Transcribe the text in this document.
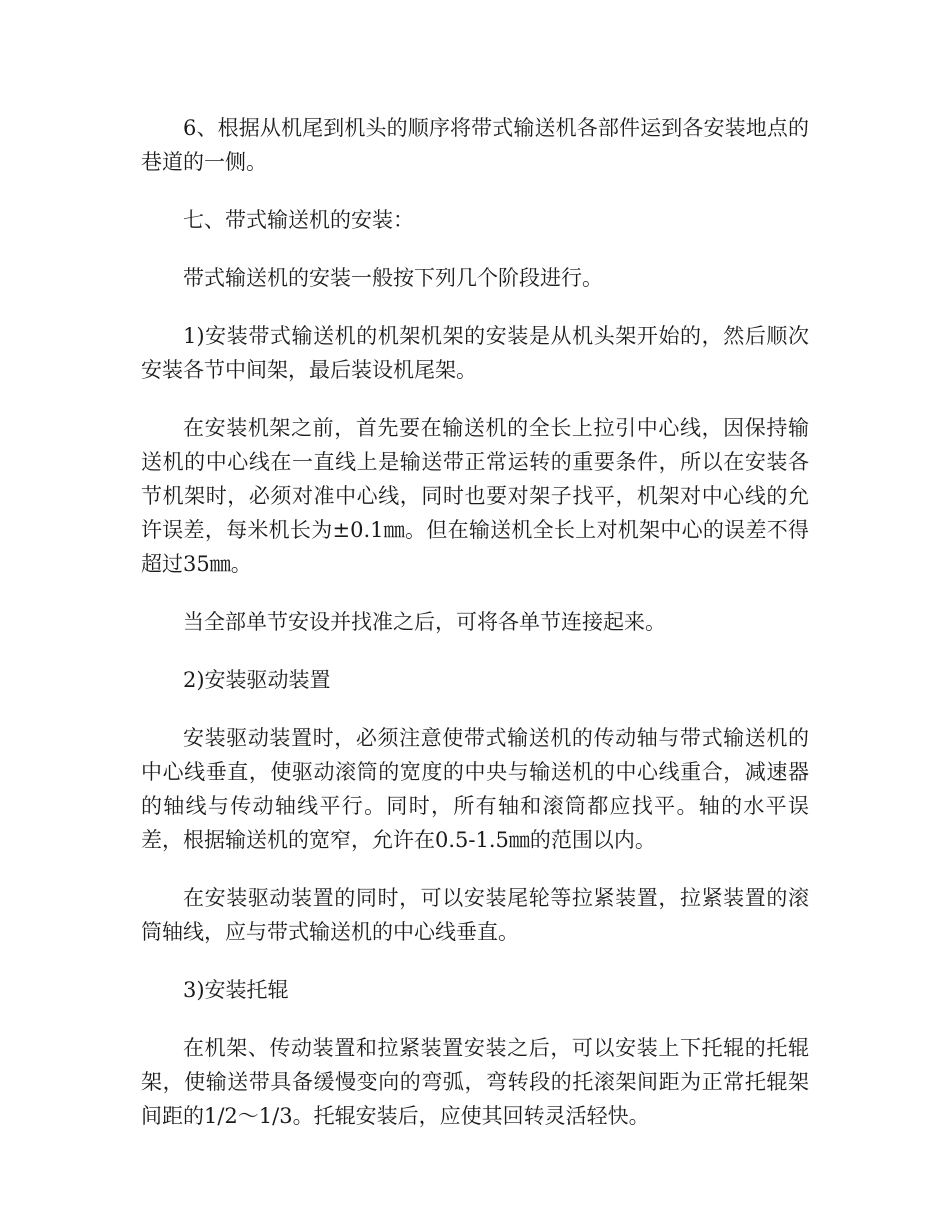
6、根据从机尾到机头的顺序将带式输送机各部件运到各安装地点的巷道的一侧。

七、带式输送机的安装：

带式输送机的安装一般按下列几个阶段进行。

1)安装带式输送机的机架机架的安装是从机头架开始的，然后顺次安装各节中间架，最后装设机尾架。

在安装机架之前，首先要在输送机的全长上拉引中心线，因保持输送机的中心线在一直线上是输送带正常运转的重要条件，所以在安装各节机架时，必须对准中心线，同时也要对架子找平，机架对中心线的允许误差，每米机长为±0.1㎜。但在输送机全长上对机架中心的误差不得超过35㎜。

当全部单节安设并找准之后，可将各单节连接起来。

2)安装驱动装置

安装驱动装置时，必须注意使带式输送机的传动轴与带式输送机的中心线垂直，使驱动滚筒的宽度的中央与输送机的中心线重合，减速器的轴线与传动轴线平行。同时，所有轴和滚筒都应找平。轴的水平误差，根据输送机的宽窄，允许在0.5-1.5㎜的范围以内。

在安装驱动装置的同时，可以安装尾轮等拉紧装置，拉紧装置的滚筒轴线，应与带式输送机的中心线垂直。

3)安装托辊

在机架、传动装置和拉紧装置安装之后，可以安装上下托辊的托辊架，使输送带具备缓慢变向的弯弧，弯转段的托滚架间距为正常托辊架间距的1/2～1/3。托辊安装后，应使其回转灵活轻快。
